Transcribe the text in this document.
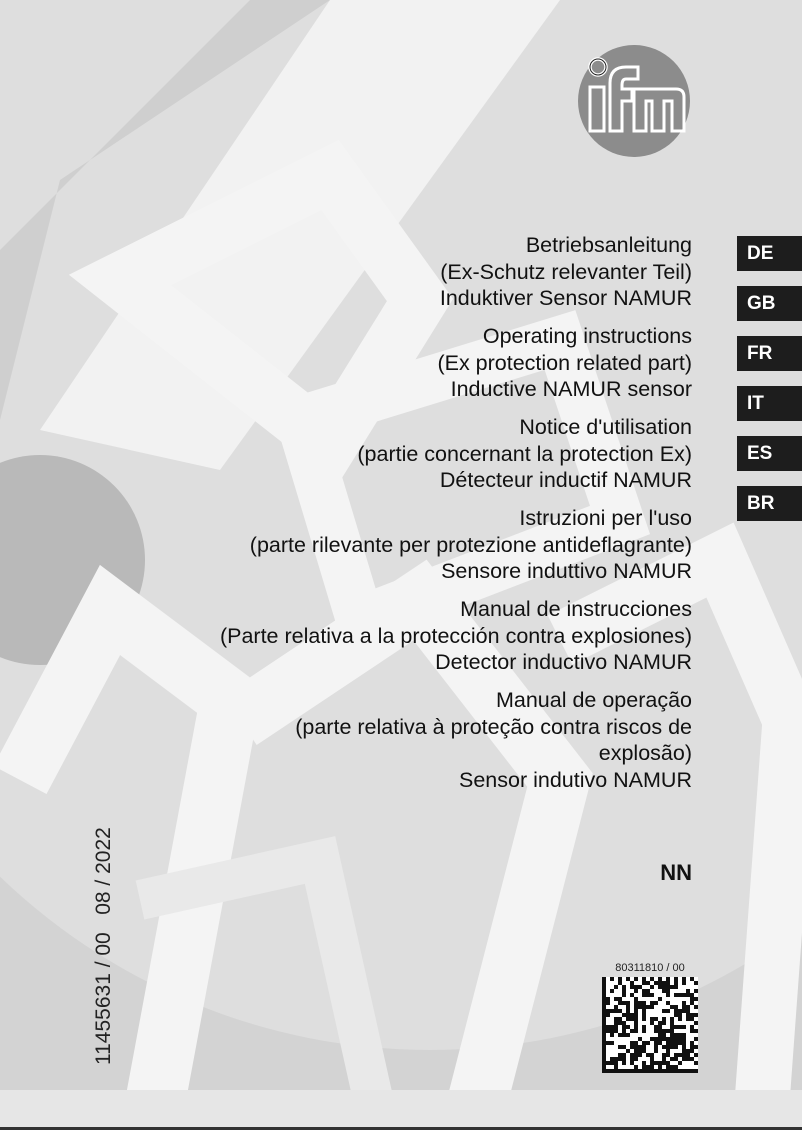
Betriebsanleitung
(Ex-Schutz relevanter Teil)
Induktiver Sensor NAMUR
Operating instructions
(Ex protection related part)
Inductive NAMUR sensor
Notice d'utilisation
(partie concernant la protection Ex)
Détecteur inductif NAMUR
Istruzioni per l'uso
(parte rilevante per protezione antideflagrante)
Sensore induttivo NAMUR
Manual de instrucciones
(Parte relativa a la protección contra explosiones)
Detector inductivo NAMUR
Manual de operação
(parte relativa à proteção contra riscos de
explosão)
Sensor indutivo NAMUR
NN
DE
GB
FR
IT
ES
BR
11455631 / 00   08 / 2022	80311810 / 00
